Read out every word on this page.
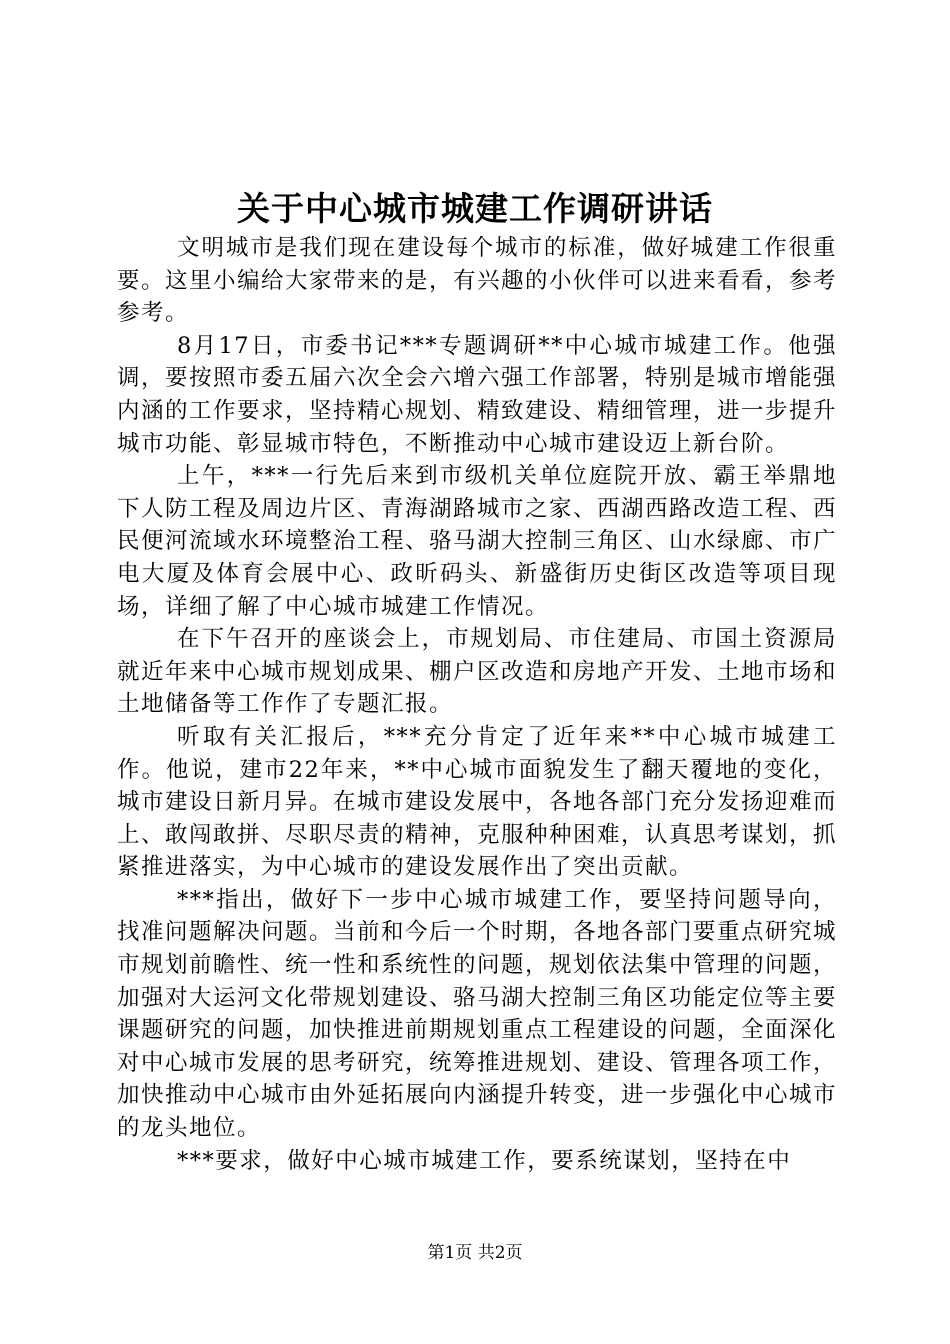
关于中心城市城建工作调研讲话

文明城市是我们现在建设每个城市的标准，做好城建工作很重要。这里小编给大家带来的是，有兴趣的小伙伴可以进来看看，参考参考。

8月17日，市委书记***专题调研**中心城市城建工作。他强调，要按照市委五届六次全会六增六强工作部署，特别是城市增能强内涵的工作要求，坚持精心规划、精致建设、精细管理，进一步提升城市功能、彰显城市特色，不断推动中心城市建设迈上新台阶。

上午，***一行先后来到市级机关单位庭院开放、霸王举鼎地下人防工程及周边片区、青海湖路城市之家、西湖西路改造工程、西民便河流域水环境整治工程、骆马湖大控制三角区、山水绿廊、市广电大厦及体育会展中心、政昕码头、新盛街历史街区改造等项目现场，详细了解了中心城市城建工作情况。

在下午召开的座谈会上，市规划局、市住建局、市国土资源局就近年来中心城市规划成果、棚户区改造和房地产开发、土地市场和土地储备等工作作了专题汇报。

听取有关汇报后，***充分肯定了近年来**中心城市城建工作。他说，建市22年来，**中心城市面貌发生了翻天覆地的变化，城市建设日新月异。在城市建设发展中，各地各部门充分发扬迎难而上、敢闯敢拼、尽职尽责的精神，克服种种困难，认真思考谋划，抓紧推进落实，为中心城市的建设发展作出了突出贡献。

***指出，做好下一步中心城市城建工作，要坚持问题导向，找准问题解决问题。当前和今后一个时期，各地各部门要重点研究城市规划前瞻性、统一性和系统性的问题，规划依法集中管理的问题，加强对大运河文化带规划建设、骆马湖大控制三角区功能定位等主要课题研究的问题，加快推进前期规划重点工程建设的问题，全面深化对中心城市发展的思考研究，统筹推进规划、建设、管理各项工作，加快推动中心城市由外延拓展向内涵提升转变，进一步强化中心城市的龙头地位。

***要求，做好中心城市城建工作，要系统谋划，坚持在中

第1页 共2页
